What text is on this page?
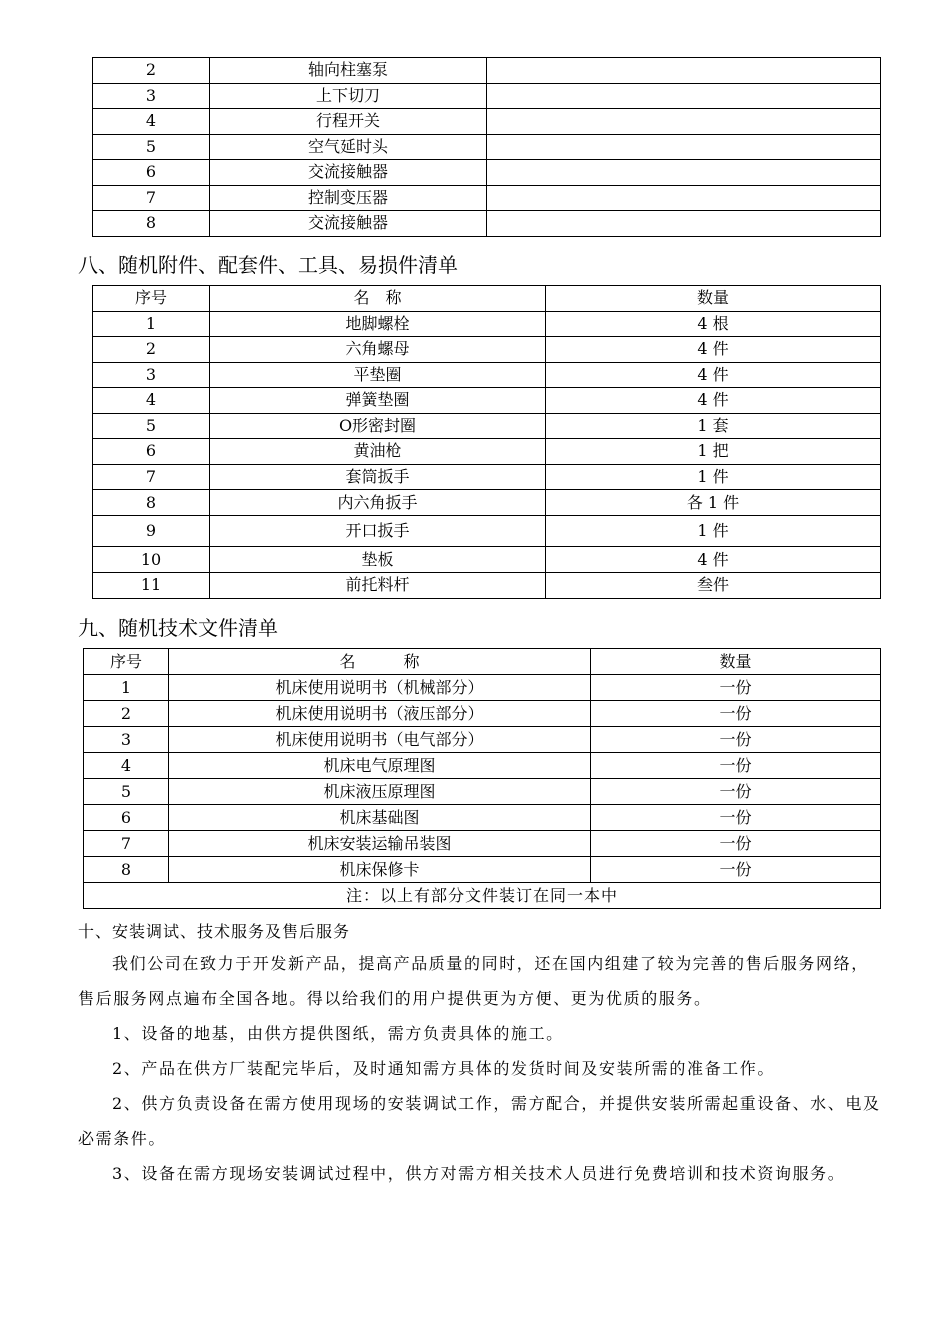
2	轴向柱塞泵	
3	上下切刀	
4	行程开关	
5	空气延时头	
6	交流接触器	
7	控制变压器	
8	交流接触器	
八、随机附件、配套件、工具、易损件清单
序号	名　称	数量
1	地脚螺栓	4 根
2	六角螺母	4 件
3	平垫圈	4 件
4	弹簧垫圈	4 件
5	O形密封圈	1 套
6	黄油枪	1 把
7	套筒扳手	1 件
8	内六角扳手	各 1 件
9	开口扳手	1 件
10	垫板	4 件
11	前托料杆	叁件
九、随机技术文件清单
序号	名　　　称	数量
1	机床使用说明书（机械部分）	一份
2	机床使用说明书（液压部分）	一份
3	机床使用说明书（电气部分）	一份
4	机床电气原理图	一份
5	机床液压原理图	一份
6	机床基础图	一份
7	机床安装运输吊装图	一份
8	机床保修卡	一份
注：以上有部分文件装订在同一本中		
十、安装调试、技术服务及售后服务

我们公司在致力于开发新产品，提高产品质量的同时，还在国内组建了较为完善的售后服务网络，售后服务网点遍布全国各地。得以给我们的用户提供更为方便、更为优质的服务。

1、设备的地基，由供方提供图纸，需方负责具体的施工。

2、产品在供方厂装配完毕后，及时通知需方具体的发货时间及安装所需的准备工作。

2、供方负责设备在需方使用现场的安装调试工作，需方配合，并提供安装所需起重设备、水、电及必需条件。

3、设备在需方现场安装调试过程中，供方对需方相关技术人员进行免费培训和技术资询服务。
